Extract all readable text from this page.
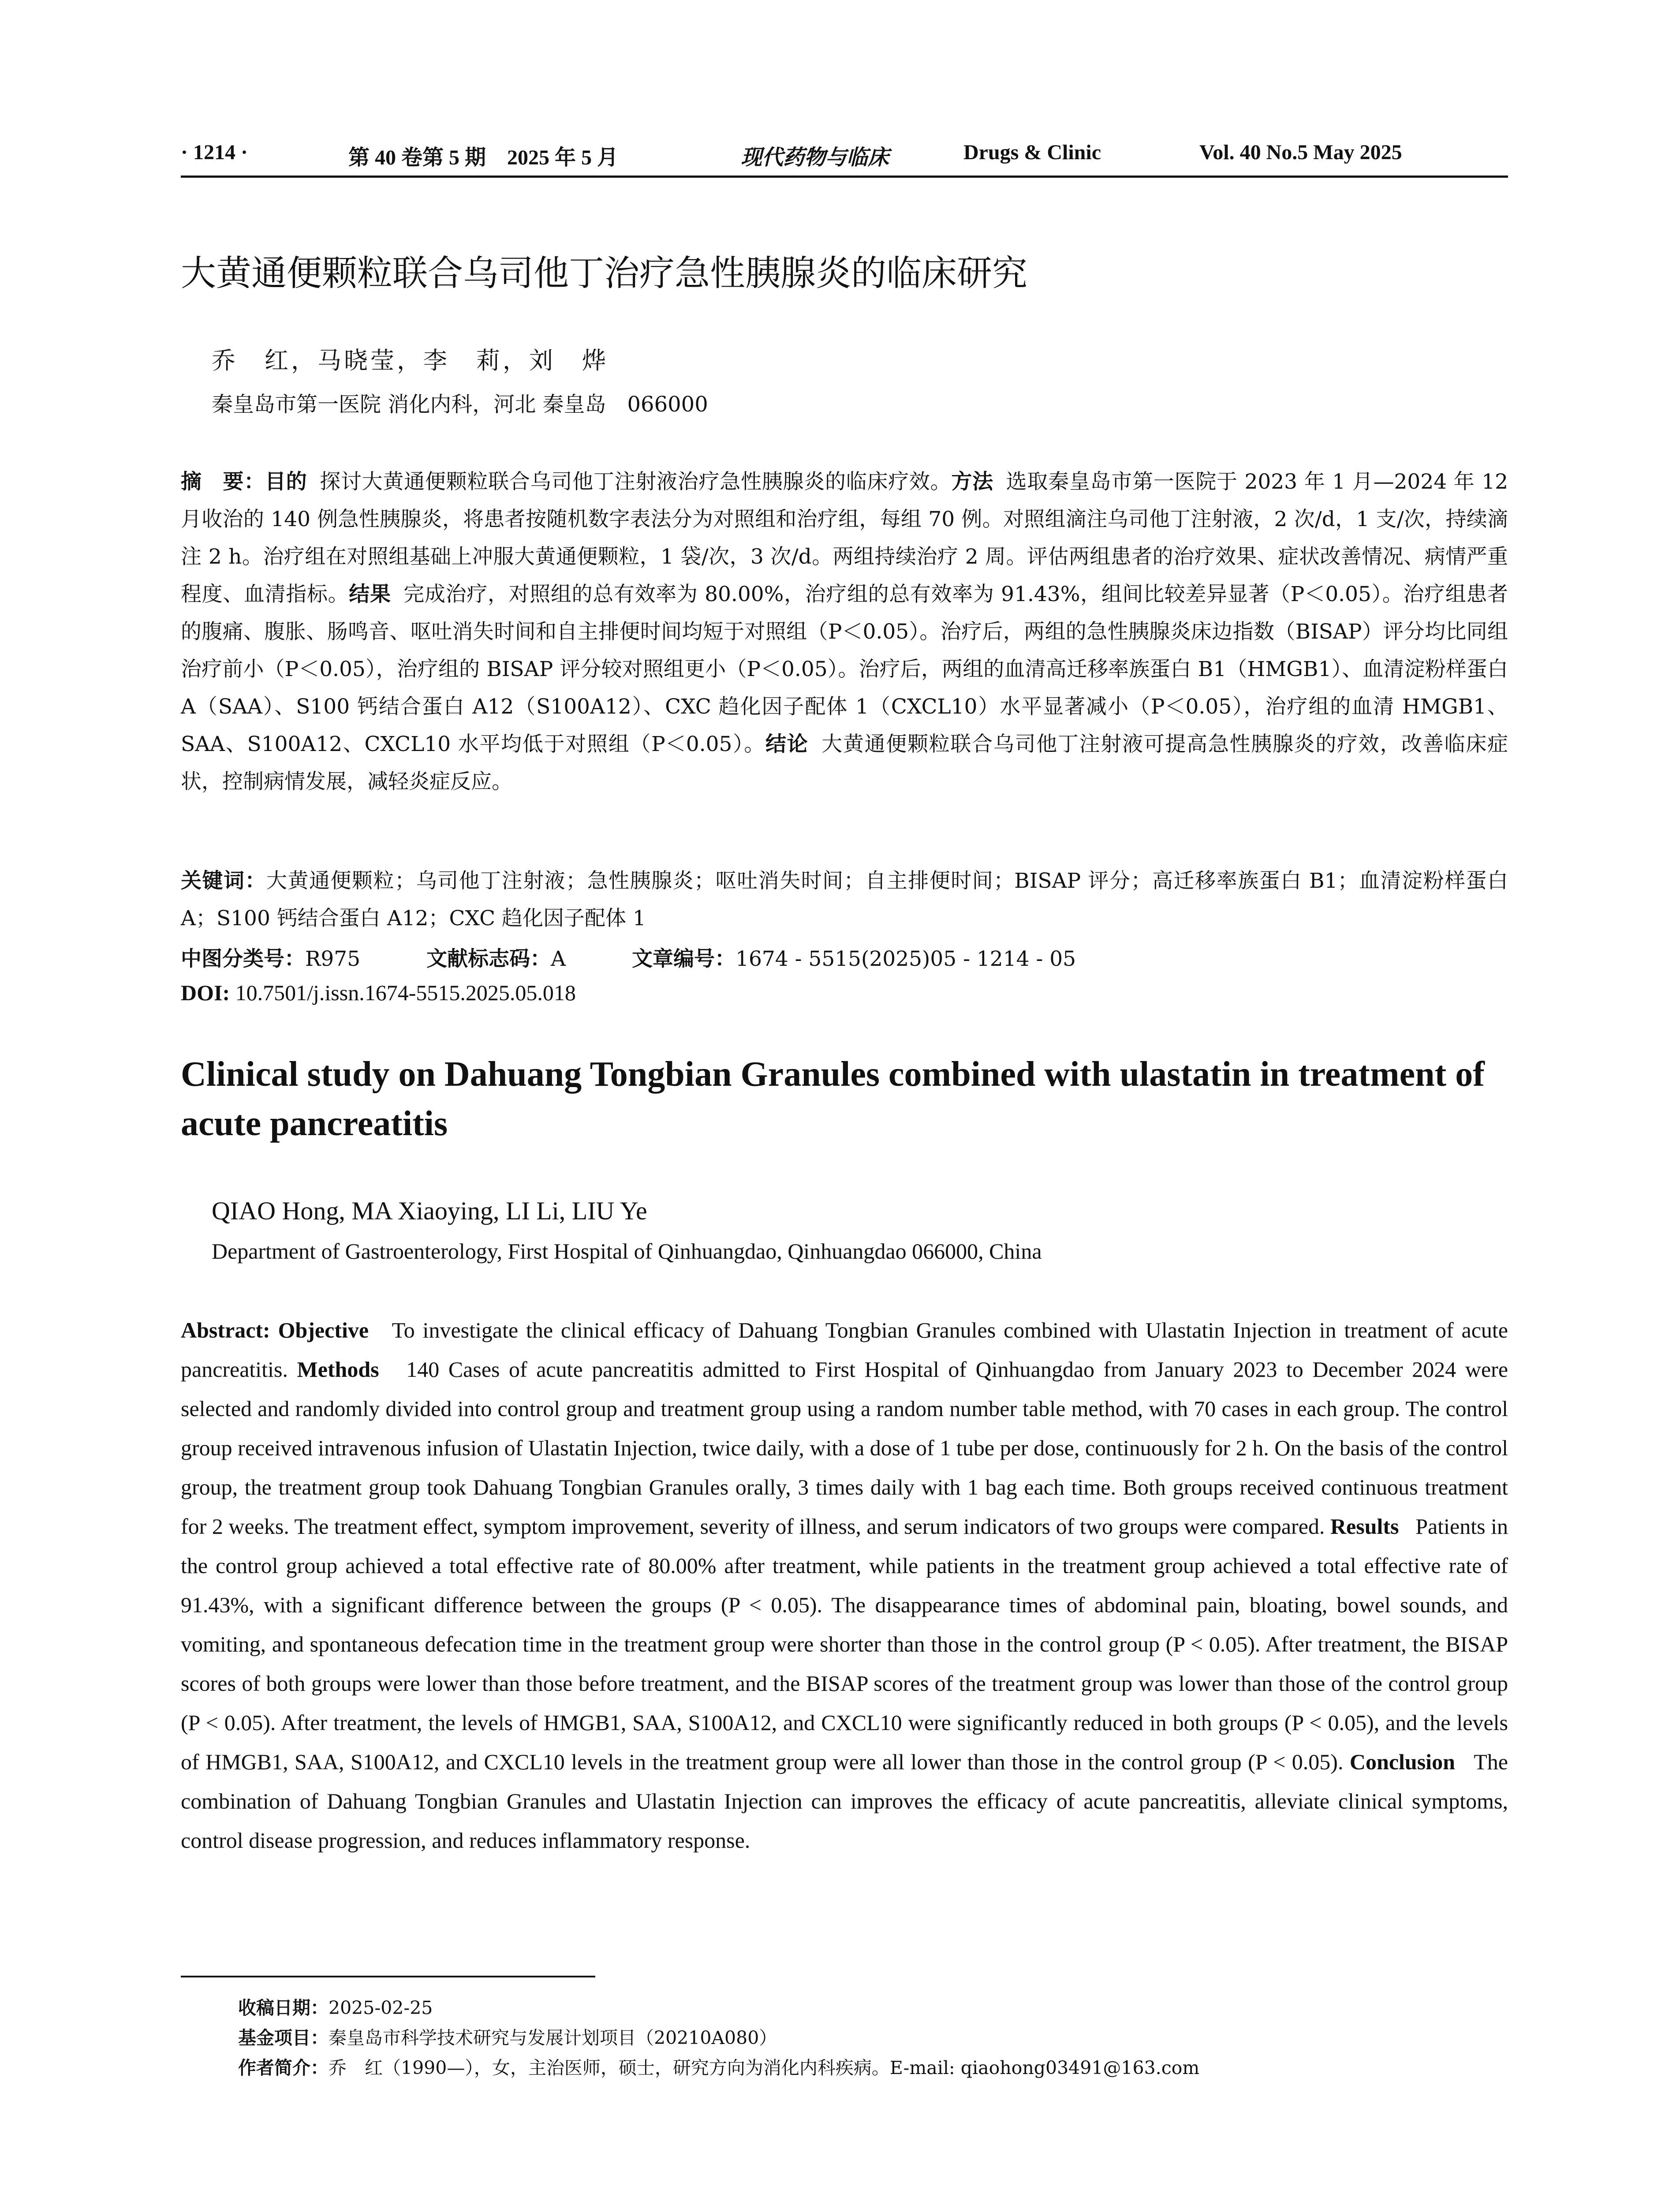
· 1214 ·	第 40 卷第 5 期　2025 年 5 月	现代药物与临床	Drugs & Clinic	Vol. 40 No.5 May 2025
大黄通便颗粒联合乌司他丁治疗急性胰腺炎的临床研究
乔　红，马晓莹，李　莉，刘　烨
秦皇岛市第一医院 消化内科，河北 秦皇岛　066000

摘　要：目的 探讨大黄通便颗粒联合乌司他丁注射液治疗急性胰腺炎的临床疗效。方法 选取秦皇岛市第一医院于 2023 年 1 月—2024 年 12 月收治的 140 例急性胰腺炎，将患者按随机数字表法分为对照组和治疗组，每组 70 例。对照组滴注乌司他丁注射液，2 次/d，1 支/次，持续滴注 2 h。治疗组在对照组基础上冲服大黄通便颗粒，1 袋/次，3 次/d。两组持续治疗 2 周。评估两组患者的治疗效果、症状改善情况、病情严重程度、血清指标。结果 完成治疗，对照组的总有效率为 80.00%，治疗组的总有效率为 91.43%，组间比较差异显著（P＜0.05）。治疗组患者的腹痛、腹胀、肠鸣音、呕吐消失时间和自主排便时间均短于对照组（P＜0.05）。治疗后，两组的急性胰腺炎床边指数（BISAP）评分均比同组治疗前小（P＜0.05），治疗组的 BISAP 评分较对照组更小（P＜0.05）。治疗后，两组的血清高迁移率族蛋白 B1（HMGB1）、血清淀粉样蛋白 A（SAA）、S100 钙结合蛋白 A12（S100A12）、CXC 趋化因子配体 1（CXCL10）水平显著减小（P＜0.05），治疗组的血清 HMGB1、SAA、S100A12、CXCL10 水平均低于对照组（P＜0.05）。结论 大黄通便颗粒联合乌司他丁注射液可提高急性胰腺炎的疗效，改善临床症状，控制病情发展，减轻炎症反应。

关键词：大黄通便颗粒；乌司他丁注射液；急性胰腺炎；呕吐消失时间；自主排便时间；BISAP 评分；高迁移率族蛋白 B1；血清淀粉样蛋白 A；S100 钙结合蛋白 A12；CXC 趋化因子配体 1

中图分类号：R975	文献标志码：A	文章编号：1674 - 5515(2025)05 - 1214 - 05
DOI: 10.7501/j.issn.1674-5515.2025.05.018
Clinical study on Dahuang Tongbian Granules combined with ulastatin in treatment of acute pancreatitis
QIAO Hong, MA Xiaoying, LI Li, LIU Ye
Department of Gastroenterology, First Hospital of Qinhuangdao, Qinhuangdao 066000, China

Abstract: Objective To investigate the clinical efficacy of Dahuang Tongbian Granules combined with Ulastatin Injection in treatment of acute pancreatitis. Methods 140 Cases of acute pancreatitis admitted to First Hospital of Qinhuangdao from January 2023 to December 2024 were selected and randomly divided into control group and treatment group using a random number table method, with 70 cases in each group. The control group received intravenous infusion of Ulastatin Injection, twice daily, with a dose of 1 tube per dose, continuously for 2 h. On the basis of the control group, the treatment group took Dahuang Tongbian Granules orally, 3 times daily with 1 bag each time. Both groups received continuous treatment for 2 weeks. The treatment effect, symptom improvement, severity of illness, and serum indicators of two groups were compared. Results Patients in the control group achieved a total effective rate of 80.00% after treatment, while patients in the treatment group achieved a total effective rate of 91.43%, with a significant difference between the groups (P < 0.05). The disappearance times of abdominal pain, bloating, bowel sounds, and vomiting, and spontaneous defecation time in the treatment group were shorter than those in the control group (P < 0.05). After treatment, the BISAP scores of both groups were lower than those before treatment, and the BISAP scores of the treatment group was lower than those of the control group (P < 0.05). After treatment, the levels of HMGB1, SAA, S100A12, and CXCL10 were significantly reduced in both groups (P < 0.05), and the levels of HMGB1, SAA, S100A12, and CXCL10 levels in the treatment group were all lower than those in the control group (P < 0.05). Conclusion The combination of Dahuang Tongbian Granules and Ulastatin Injection can improves the efficacy of acute pancreatitis, alleviate clinical symptoms, control disease progression, and reduces inflammatory response.

收稿日期：2025-02-25
基金项目：秦皇岛市科学技术研究与发展计划项目（20210A080）
作者简介：乔　红（1990—），女，主治医师，硕士，研究方向为消化内科疾病。E-mail: qiaohong03491@163.com
